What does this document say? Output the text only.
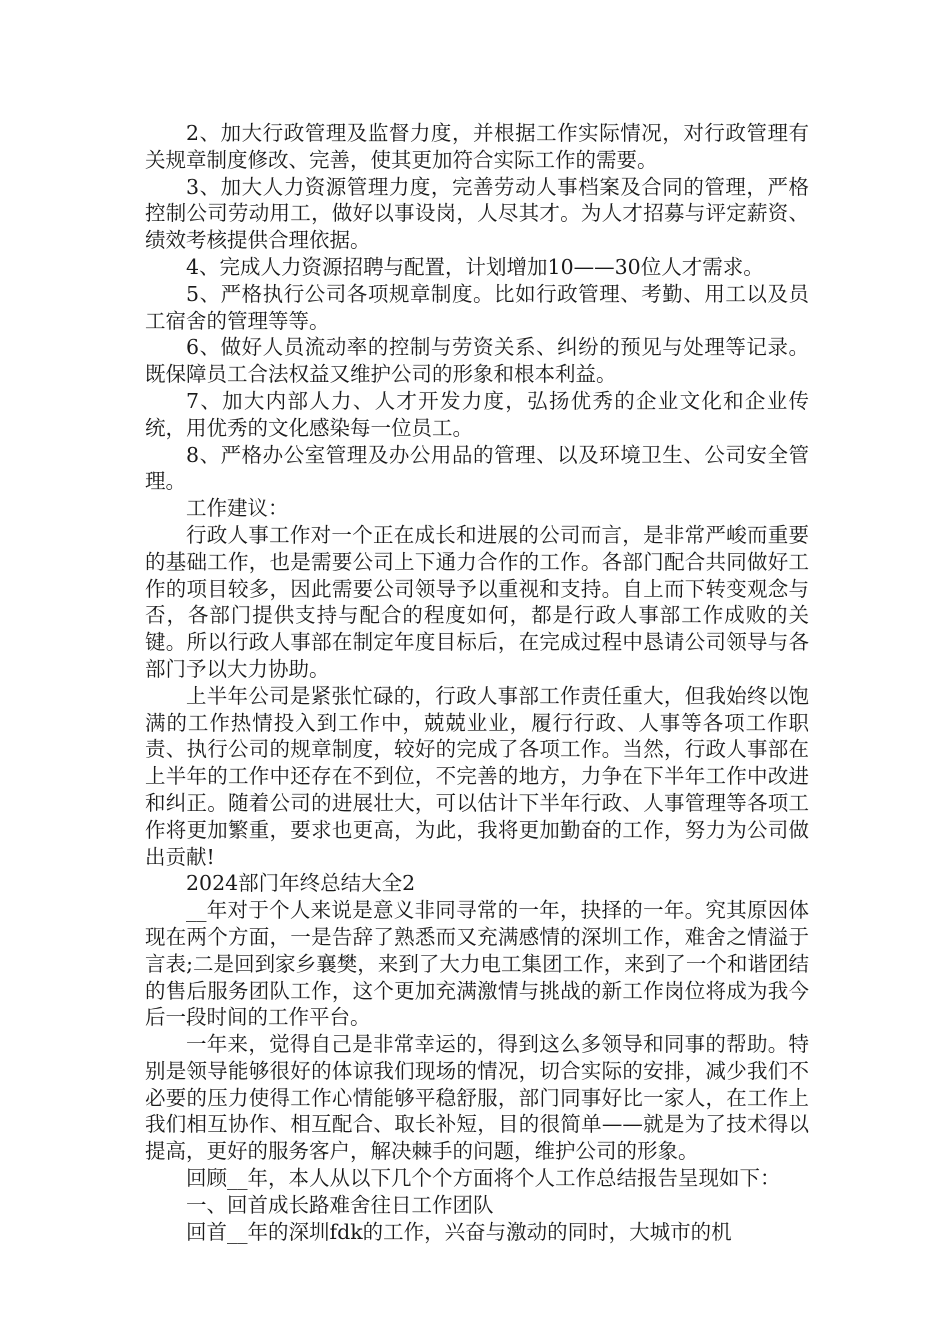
2、加大行政管理及监督力度，并根据工作实际情况，对行政管理有关规章制度修改、完善，使其更加符合实际工作的需要。

3、加大人力资源管理力度，完善劳动人事档案及合同的管理，严格控制公司劳动用工，做好以事设岗，人尽其才。为人才招募与评定薪资、绩效考核提供合理依据。

4、完成人力资源招聘与配置，计划增加10——30位人才需求。

5、严格执行公司各项规章制度。比如行政管理、考勤、用工以及员工宿舍的管理等等。

6、做好人员流动率的控制与劳资关系、纠纷的预见与处理等记录。既保障员工合法权益又维护公司的形象和根本利益。

7、加大内部人力、人才开发力度，弘扬优秀的企业文化和企业传统，用优秀的文化感染每一位员工。

8、严格办公室管理及办公用品的管理、以及环境卫生、公司安全管理。

工作建议：

行政人事工作对一个正在成长和进展的公司而言，是非常严峻而重要的基础工作，也是需要公司上下通力合作的工作。各部门配合共同做好工作的项目较多，因此需要公司领导予以重视和支持。自上而下转变观念与否，各部门提供支持与配合的程度如何，都是行政人事部工作成败的关键。所以行政人事部在制定年度目标后，在完成过程中恳请公司领导与各部门予以大力协助。

上半年公司是紧张忙碌的，行政人事部工作责任重大，但我始终以饱满的工作热情投入到工作中，兢兢业业，履行行政、人事等各项工作职责、执行公司的规章制度，较好的完成了各项工作。当然，行政人事部在上半年的工作中还存在不到位，不完善的地方，力争在下半年工作中改进和纠正。随着公司的进展壮大，可以估计下半年行政、人事管理等各项工作将更加繁重，要求也更高，为此，我将更加勤奋的工作，努力为公司做出贡献!

2024部门年终总结大全2

__年对于个人来说是意义非同寻常的一年，抉择的一年。究其原因体现在两个方面，一是告辞了熟悉而又充满感情的深圳工作，难舍之情溢于言表;二是回到家乡襄樊，来到了大力电工集团工作，来到了一个和谐团结的售后服务团队工作，这个更加充满激情与挑战的新工作岗位将成为我今后一段时间的工作平台。

一年来，觉得自己是非常幸运的，得到这么多领导和同事的帮助。特别是领导能够很好的体谅我们现场的情况，切合实际的安排，减少我们不必要的压力使得工作心情能够平稳舒服，部门同事好比一家人，在工作上我们相互协作、相互配合、取长补短，目的很简单——就是为了技术得以提高，更好的服务客户，解决棘手的问题，维护公司的形象。

回顾__年，本人从以下几个个方面将个人工作总结报告呈现如下：

一、回首成长路难舍往日工作团队

回首__年的深圳fdk的工作，兴奋与激动的同时，大城市的机
